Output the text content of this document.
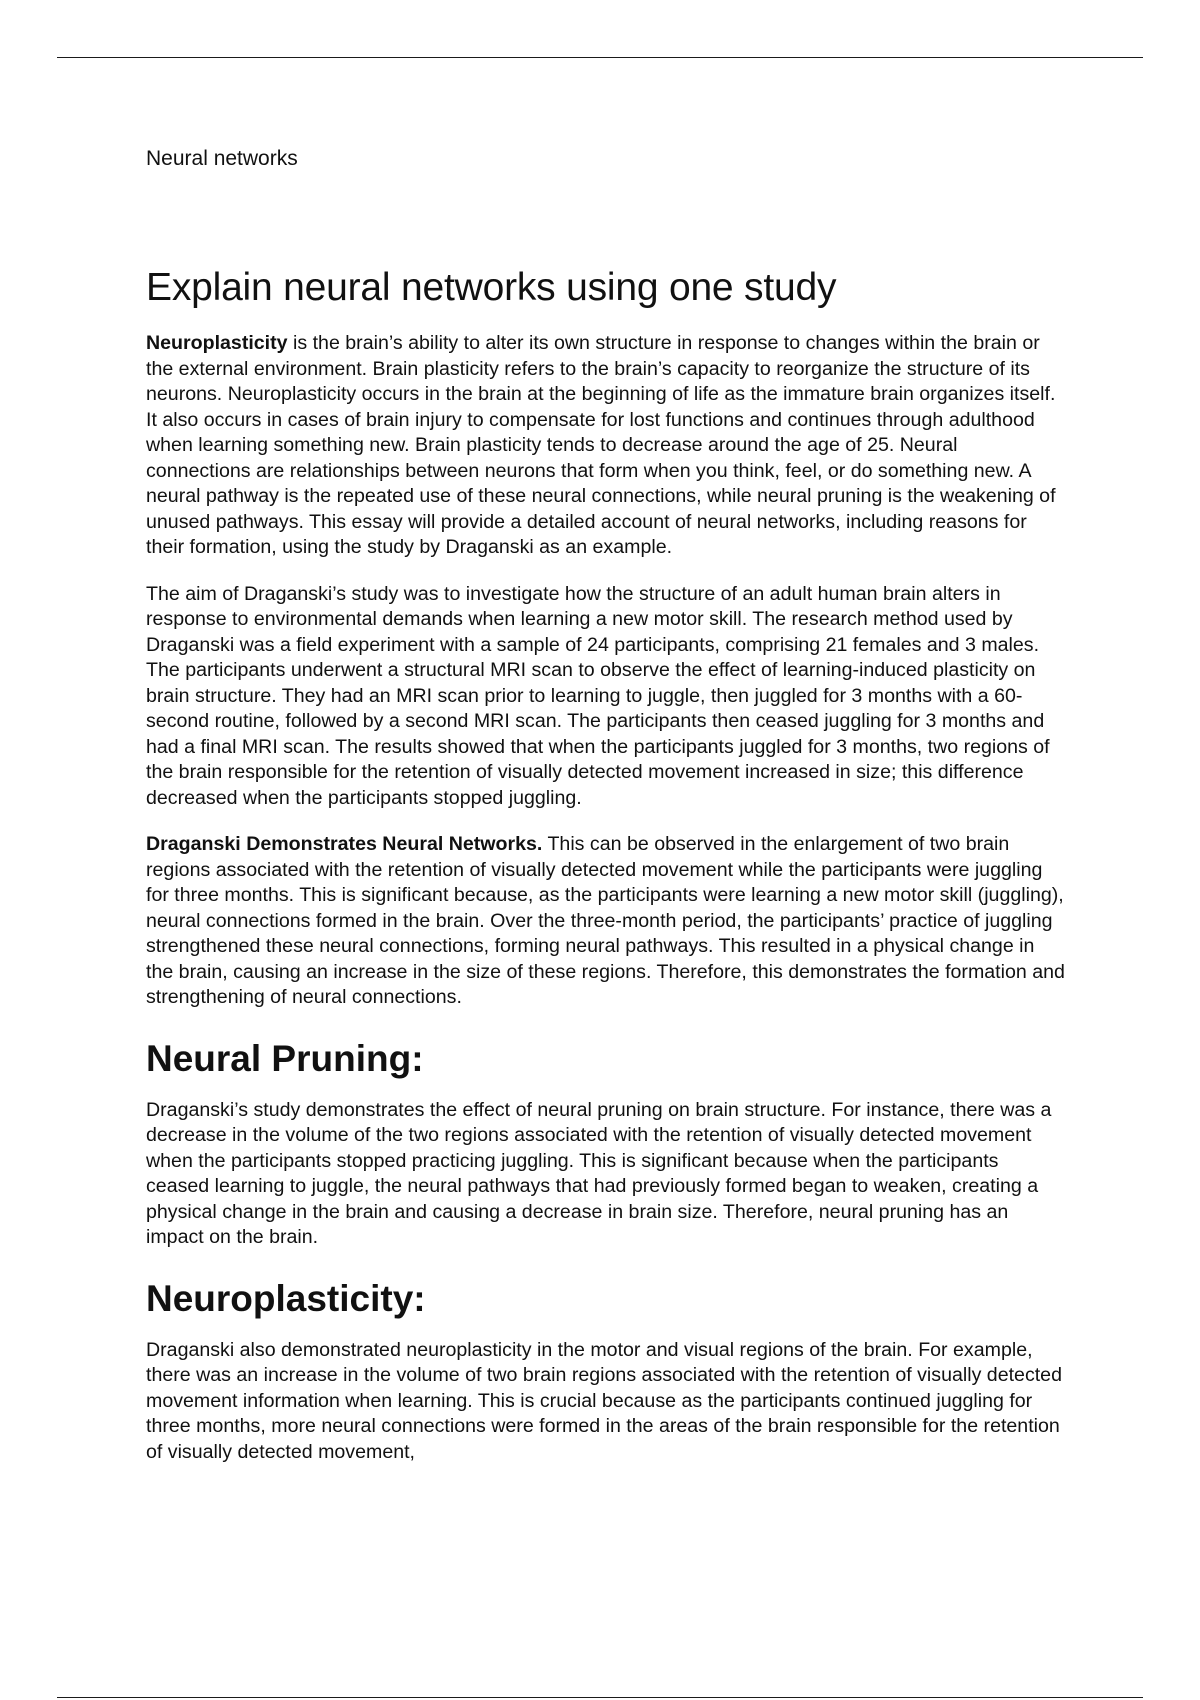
Neural networks

Explain neural networks using one study

Neuroplasticity is the brain’s ability to alter its own structure in response to changes within the brain or the external environment. Brain plasticity refers to the brain’s capacity to reorganize the structure of its neurons. Neuroplasticity occurs in the brain at the beginning of life as the immature brain organizes itself. It also occurs in cases of brain injury to compensate for lost functions and continues through adulthood when learning something new. Brain plasticity tends to decrease around the age of 25. Neural connections are relationships between neurons that form when you think, feel, or do something new. A neural pathway is the repeated use of these neural connections, while neural pruning is the weakening of unused pathways. This essay will provide a detailed account of neural networks, including reasons for their formation, using the study by Draganski as an example.

The aim of Draganski’s study was to investigate how the structure of an adult human brain alters in response to environmental demands when learning a new motor skill. The research method used by Draganski was a field experiment with a sample of 24 participants, comprising 21 females and 3 males. The participants underwent a structural MRI scan to observe the effect of learning-induced plasticity on brain structure. They had an MRI scan prior to learning to juggle, then juggled for 3 months with a 60-second routine, followed by a second MRI scan. The participants then ceased juggling for 3 months and had a final MRI scan. The results showed that when the participants juggled for 3 months, two regions of the brain responsible for the retention of visually detected movement increased in size; this difference decreased when the participants stopped juggling.

Draganski Demonstrates Neural Networks. This can be observed in the enlargement of two brain regions associated with the retention of visually detected movement while the participants were juggling for three months. This is significant because, as the participants were learning a new motor skill (juggling), neural connections formed in the brain. Over the three-month period, the participants’ practice of juggling strengthened these neural connections, forming neural pathways. This resulted in a physical change in the brain, causing an increase in the size of these regions. Therefore, this demonstrates the formation and strengthening of neural connections.

Neural Pruning:

Draganski’s study demonstrates the effect of neural pruning on brain structure. For instance, there was a decrease in the volume of the two regions associated with the retention of visually detected movement when the participants stopped practicing juggling. This is significant because when the participants ceased learning to juggle, the neural pathways that had previously formed began to weaken, creating a physical change in the brain and causing a decrease in brain size. Therefore, neural pruning has an impact on the brain.

Neuroplasticity:

Draganski also demonstrated neuroplasticity in the motor and visual regions of the brain. For example, there was an increase in the volume of two brain regions associated with the retention of visually detected movement information when learning. This is crucial because as the participants continued juggling for three months, more neural connections were formed in the areas of the brain responsible for the retention of visually detected movement,
